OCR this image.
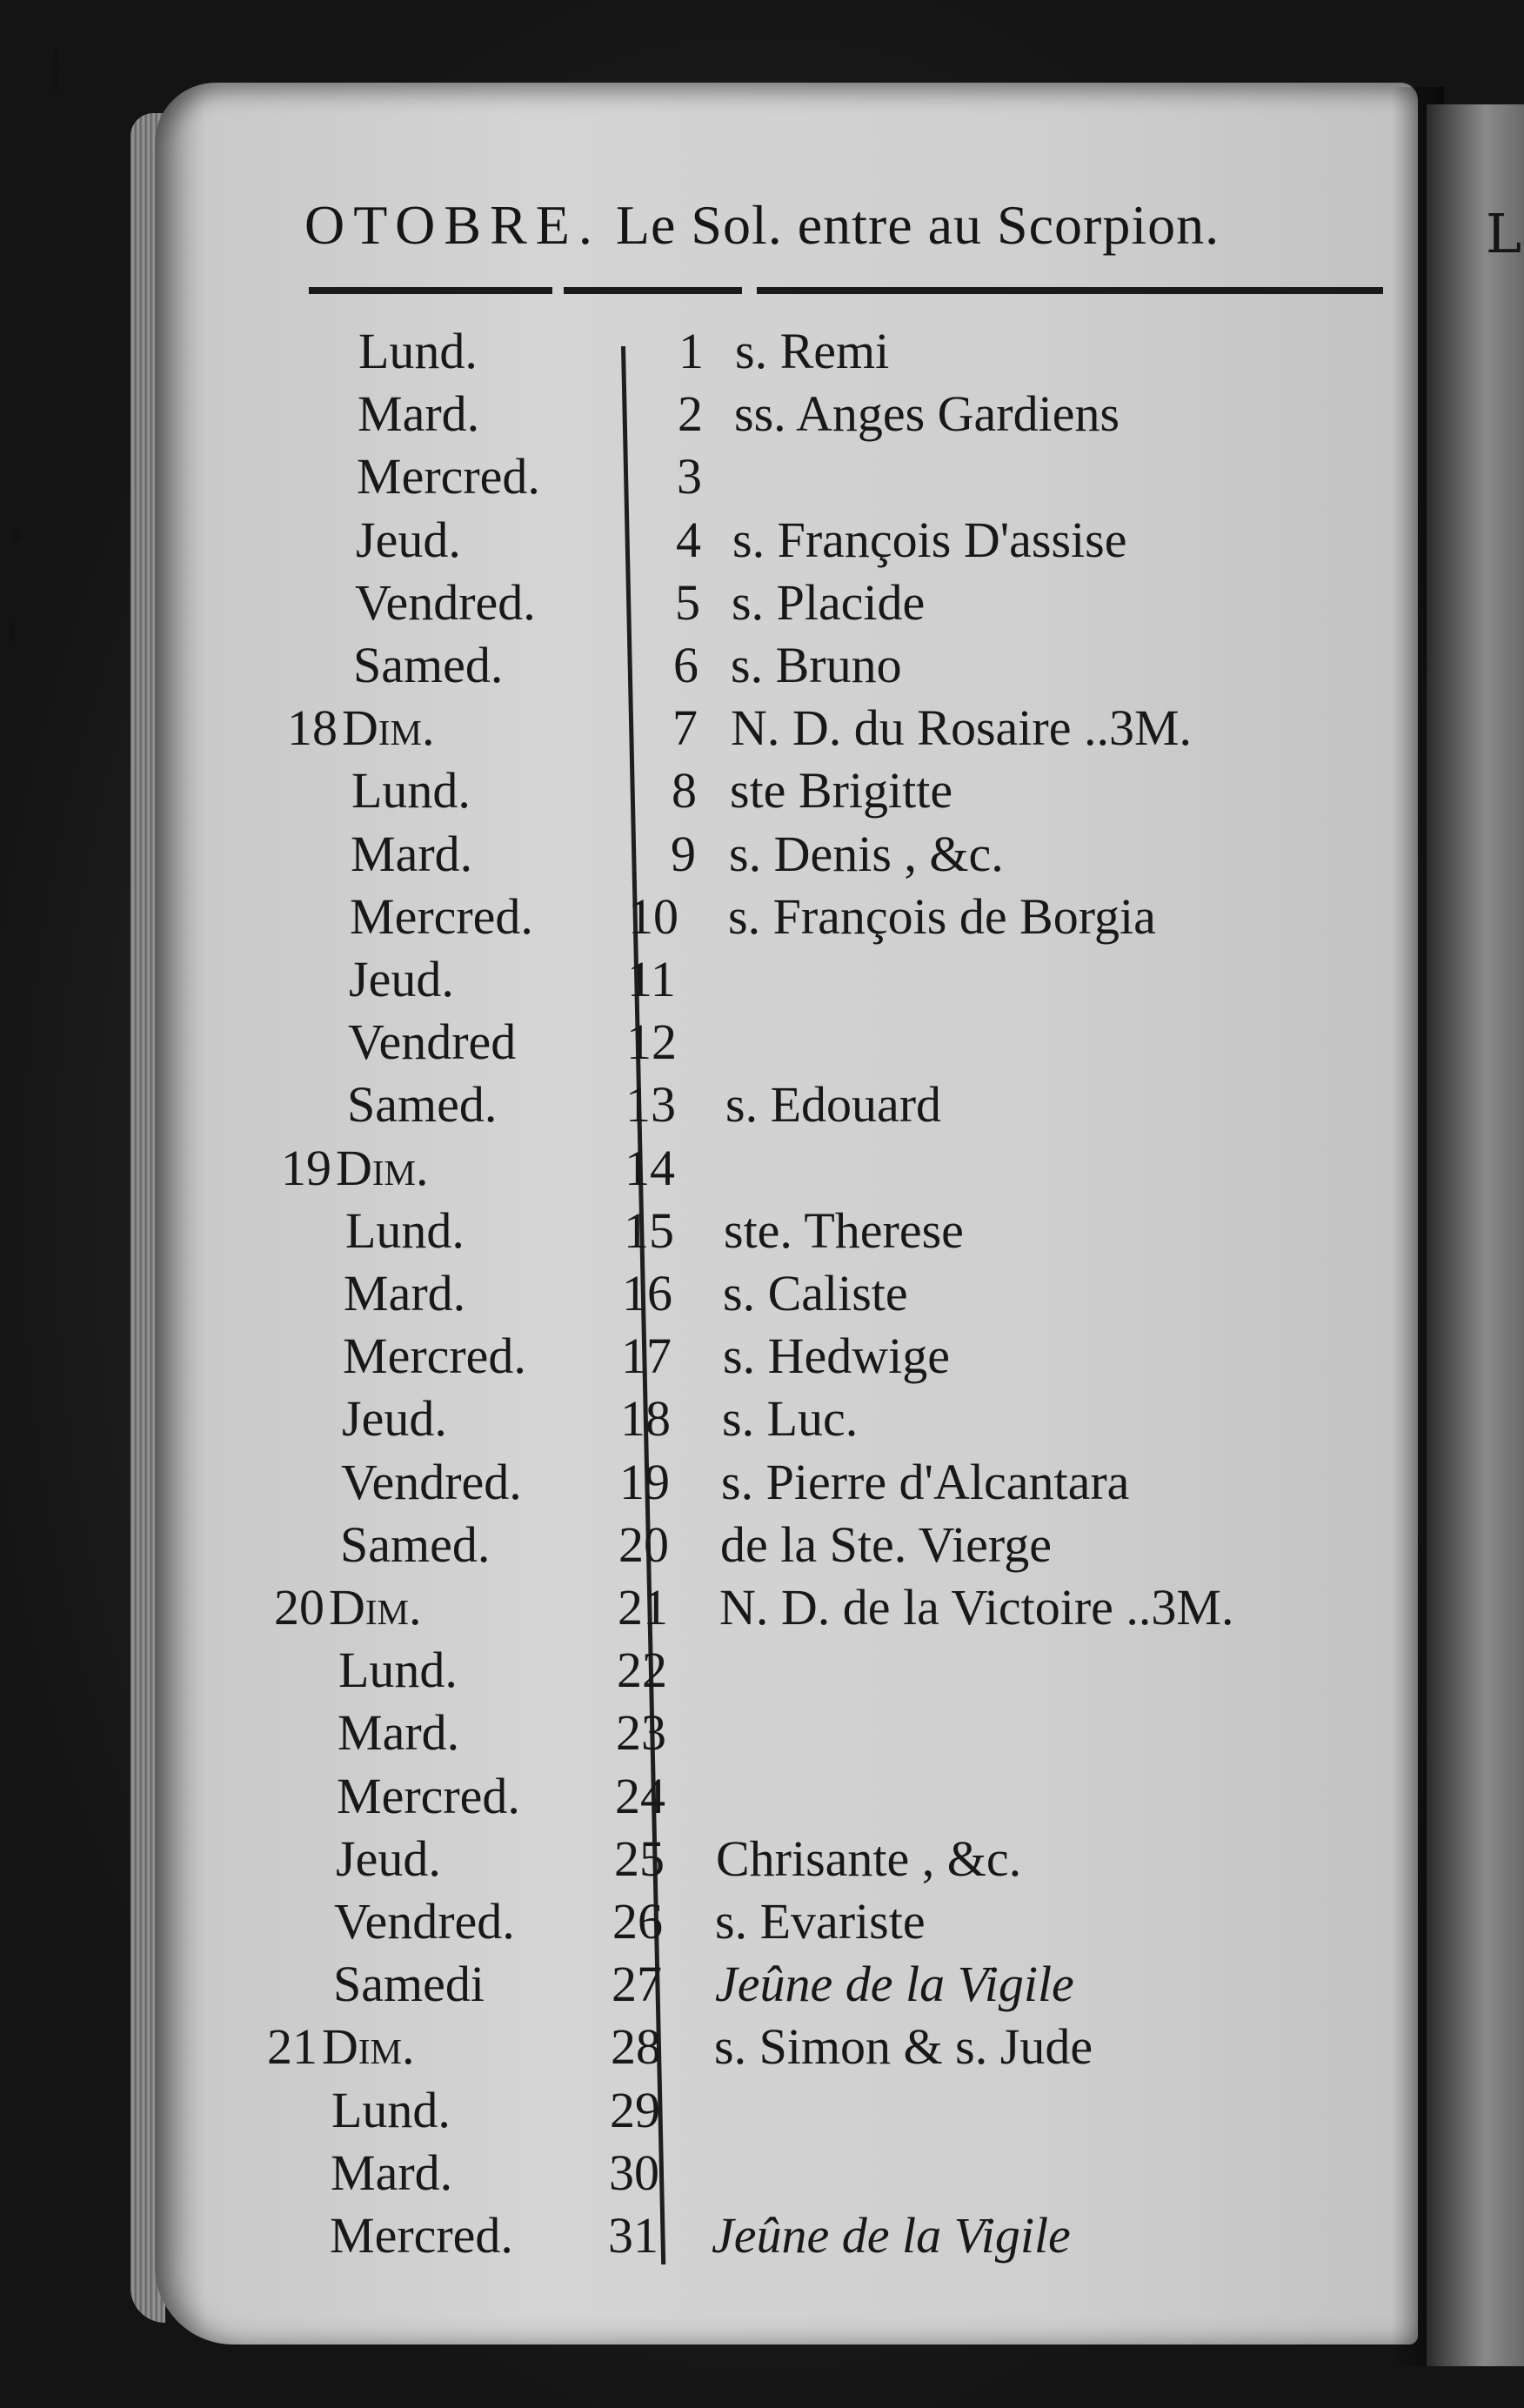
L
OTOBRE. Le Sol. entre au Scorpion.
Lund.	1 s. Remi
Mard.	2 ss. Anges Gardiens
Mercred.	3
Jeud.	4 s. François D'assise
Vendred.	5 s. Placide
Samed.	6 s. Bruno
18 Dim.	7 N. D. du Rosaire ..3M.
Lund.	8 ste Brigitte
Mard.	9 s. Denis , &c.
Mercred. 10 s. François de Borgia
Jeud.	11
Vendred 12
Samed.	13 s. Edouard
19 Dim.	14
Lund.	15 ste. Therese
Mard.	16 s. Caliste
Mercred. 17 s. Hedwige
Jeud.	18 s. Luc.
Vendred. 19 s. Pierre d'Alcantara
Samed.	20 de la Ste. Vierge
20 Dim.	21 N. D. de la Victoire ..3M.
Lund.	22
Mard.	23
Mercred. 24
Jeud.	25 Chrisante , &c.
Vendred. 26 s. Evariste
Samedi	27 Jeûne de la Vigile
21 Dim.	28 s. Simon & s. Jude
Lund.	29
Mard.	30
Mercred. 31 Jeûne de la Vigile
